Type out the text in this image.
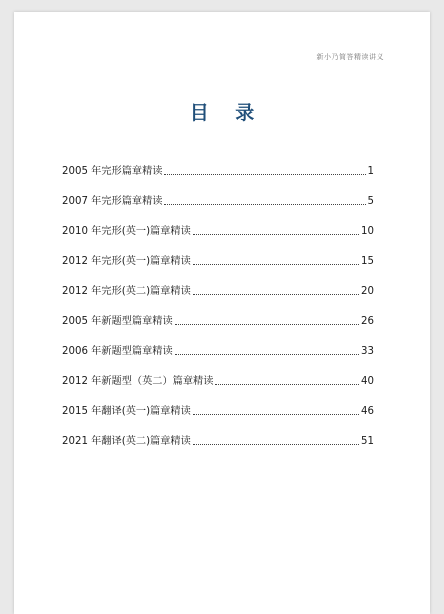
新小乃简答精读讲义
目 录
2005 年完形篇章精读	1
2007 年完形篇章精读	5
2010 年完形(英一)篇章精读	10
2012 年完形(英一)篇章精读	15
2012 年完形(英二)篇章精读	20
2005 年新题型篇章精读	26
2006 年新题型篇章精读	33
2012 年新题型（英二）篇章精读	40
2015 年翻译(英一)篇章精读	46
2021 年翻译(英二)篇章精读	51
